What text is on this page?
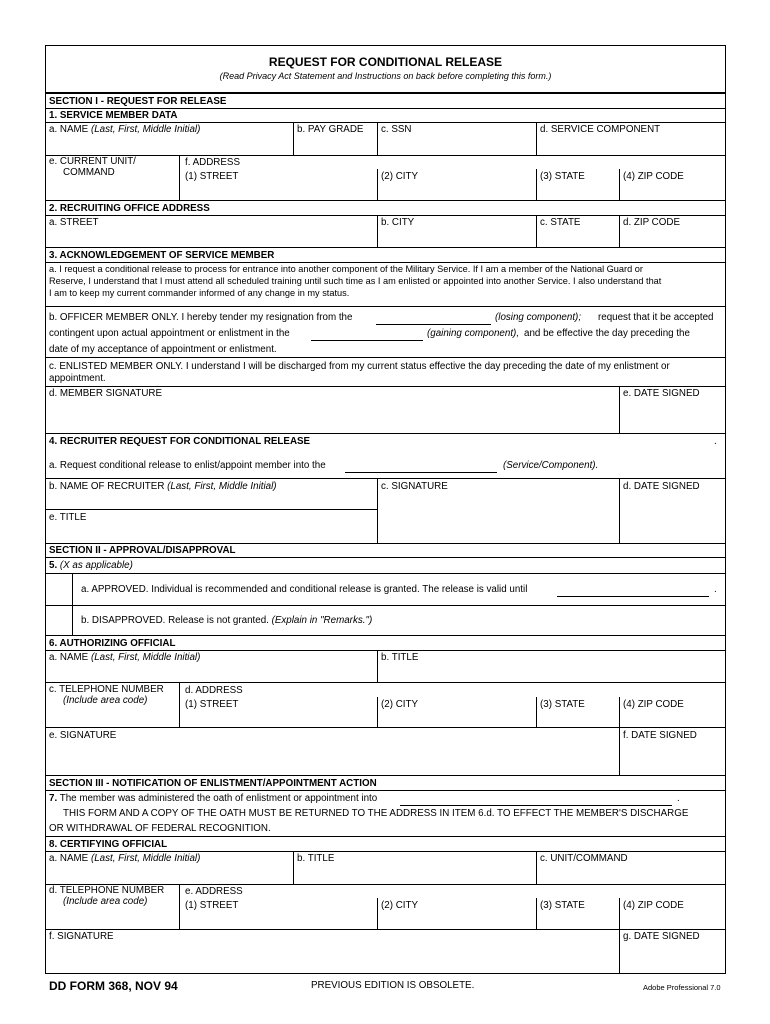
REQUEST FOR CONDITIONAL RELEASE
(Read Privacy Act Statement and Instructions on back before completing this form.)
SECTION I - REQUEST FOR RELEASE
1. SERVICE MEMBER DATA
a. NAME (Last, First, Middle Initial)	b. PAY GRADE c. SSN	d. SERVICE COMPONENT
e. CURRENT UNIT/
COMMAND
f. ADDRESS
(1) STREET	(2) CITY	(3) STATE	(4) ZIP CODE
2. RECRUITING OFFICE ADDRESS
a. STREET	b. CITY	c. STATE	d. ZIP CODE
3. ACKNOWLEDGEMENT OF SERVICE MEMBER
a. I request a conditional release to process for entrance into another component of the Military Service. If I am a member of the National Guard or
Reserve, I understand that I must attend all scheduled training until such time as I am enlisted or appointed into another Service. I also understand that
I am to keep my current commander informed of any change in my status.
b. OFFICER MEMBER ONLY. I hereby tender my resignation from the	(losing component); request that it be accepted
contingent upon actual appointment or enlistment in the	(gaining component), and be effective the day preceding the
date of my acceptance of appointment or enlistment.
c. ENLISTED MEMBER ONLY. I understand I will be discharged from my current status effective the day preceding the date of my enlistment or
appointment.
d. MEMBER SIGNATURE	e. DATE SIGNED
4. RECRUITER REQUEST FOR CONDITIONAL RELEASE	.
a. Request conditional release to enlist/appoint member into the	(Service/Component).
b. NAME OF RECRUITER (Last, First, Middle Initial)	c. SIGNATURE	d. DATE SIGNED
e. TITLE
SECTION II - APPROVAL/DISAPPROVAL
5. (X as applicable)
a. APPROVED. Individual is recommended and conditional release is granted. The release is valid until	.
b. DISAPPROVED. Release is not granted. (Explain in "Remarks.")
6. AUTHORIZING OFFICIAL
a. NAME (Last, First, Middle Initial)	b. TITLE
c. TELEPHONE NUMBER
(Include area code)
d. ADDRESS
(1) STREET	(2) CITY	(3) STATE	(4) ZIP CODE
e. SIGNATURE	f. DATE SIGNED
SECTION III - NOTIFICATION OF ENLISTMENT/APPOINTMENT ACTION
7. The member was administered the oath of enlistment or appointment into	.
THIS FORM AND A COPY OF THE OATH MUST BE RETURNED TO THE ADDRESS IN ITEM 6.d. TO EFFECT THE MEMBER'S DISCHARGE
OR WITHDRAWAL OF FEDERAL RECOGNITION.
8. CERTIFYING OFFICIAL
a. NAME (Last, First, Middle Initial)	b. TITLE	c. UNIT/COMMAND
d. TELEPHONE NUMBER
(Include area code)
e. ADDRESS
(1) STREET	(2) CITY	(3) STATE	(4) ZIP CODE
f. SIGNATURE	g. DATE SIGNED
DD FORM 368, NOV 94	PREVIOUS EDITION IS OBSOLETE.	Adobe Professional 7.0
